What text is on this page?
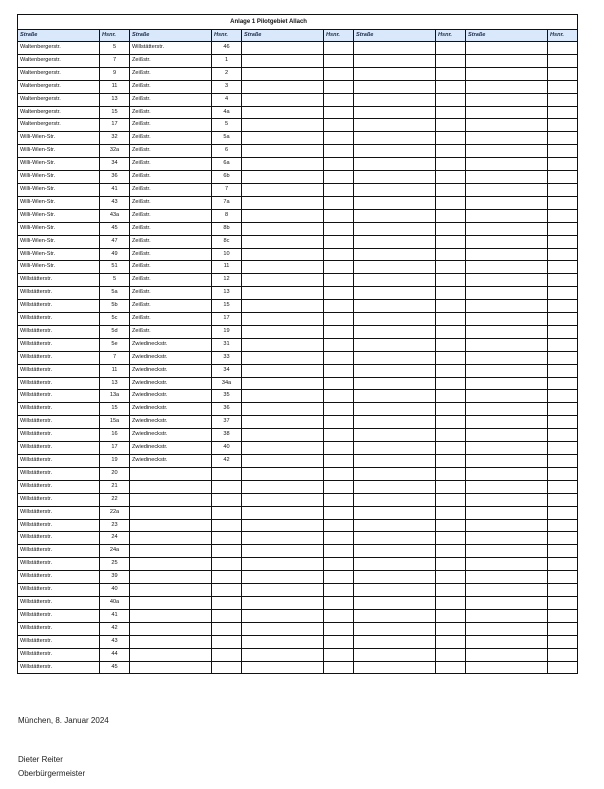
Anlage 1 Pilotgebiet Allach									
Straße	Hsnr.	Straße	Hsnr.	Straße	Hsnr.	Straße	Hsnr.	Straße	Hsnr.
Waltenbergerstr.	5	Willstätterstr.	46						
Waltenbergerstr.	7	Zeißstr.	1						
Waltenbergerstr.	9	Zeißstr.	2						
Waltenbergerstr.	11	Zeißstr.	3						
Waltenbergerstr.	13	Zeißstr.	4						
Waltenbergerstr.	15	Zeißstr.	4a						
Waltenbergerstr.	17	Zeißstr.	5						
Willi-Wien-Str.	32	Zeißstr.	5a						
Willi-Wien-Str.	32a	Zeißstr.	6						
Willi-Wien-Str.	34	Zeißstr.	6a						
Willi-Wien-Str.	36	Zeißstr.	6b						
Willi-Wien-Str.	41	Zeißstr.	7						
Willi-Wien-Str.	43	Zeißstr.	7a						
Willi-Wien-Str.	43a	Zeißstr.	8						
Willi-Wien-Str.	45	Zeißstr.	8b						
Willi-Wien-Str.	47	Zeißstr.	8c						
Willi-Wien-Str.	49	Zeißstr.	10						
Willi-Wien-Str.	51	Zeißstr.	11						
Willstätterstr.	5	Zeißstr.	12						
Willstätterstr.	5a	Zeißstr.	13						
Willstätterstr.	5b	Zeißstr.	15						
Willstätterstr.	5c	Zeißstr.	17						
Willstätterstr.	5d	Zeißstr.	19						
Willstätterstr.	5e	Zwiedineckstr.	31						
Willstätterstr.	7	Zwiedineckstr.	33						
Willstätterstr.	11	Zwiedineckstr.	34						
Willstätterstr.	13	Zwiedineckstr.	34a						
Willstätterstr.	13a	Zwiedineckstr.	35						
Willstätterstr.	15	Zwiedineckstr.	36						
Willstätterstr.	15a	Zwiedineckstr.	37						
Willstätterstr.	16	Zwiedineckstr.	38						
Willstätterstr.	17	Zwiedineckstr.	40						
Willstätterstr.	19	Zwiedineckstr.	42						
Willstätterstr.	20								
Willstätterstr.	21								
Willstätterstr.	22								
Willstätterstr.	22a								
Willstätterstr.	23								
Willstätterstr.	24								
Willstätterstr.	24a								
Willstätterstr.	25								
Willstätterstr.	39								
Willstätterstr.	40								
Willstätterstr.	40a								
Willstätterstr.	41								
Willstätterstr.	42								
Willstätterstr.	43								
Willstätterstr.	44								
Willstätterstr.	45								
München, 8. Januar 2024
Dieter Reiter
Oberbürgermeister
